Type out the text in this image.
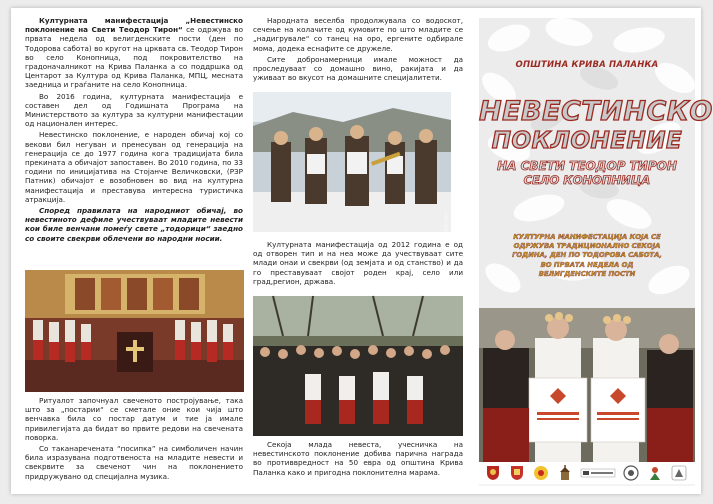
Културната манифестација „Невестинско поклонение на Свети Теодор Тирон“ се одржува во првата недела од велигденските пости (ден по Тодорова сабота) во кругот на црквата св. Теодор Тирон во село Конопница, под покровителство на градоначалникот на Крива Паланка а со поддршка од Центарот за Култура од Крива Паланка, МПЦ, месната заедница и граѓаните на село Конопница.

Во 2016 година, културната манифестација е составен дел од Годишната Програма на Министерството за култура за културни манифестации од национален интерес.

Невестинско поклонение, е народен обичај кој со векови бил негуван и пренесуван од генерација на генерација се до 1977 година кога традицијата била прекината а обичајот запоставен. Во 2010 година, по 33 години по иницијатива на Стојанче Величковски, (РЗР Патник) обичајот е возобновен во вид на културна манифестација и преставува интересна туристичка атракција.

Според правилата на народниот обичај, во невестиното дефиле учествуваат младите невести кои биле венчани помеѓу свете „тодорици“ заедно со своите свекрви облечени во народни носии.

Ритуалот започнуал свеченото постројување, така што за „постарии“ се сметале оние кои чија што венчавка била со постар датум и тие ја имале привилегијата да бидат во првите редови на свечената поворка.

Со таканаречената “посипка” на симболичен начин била изразувана подготвеноста на младите невести и свекрвите за свеченот чин на поклонението придружувано од специјална музика.

Народната веселба продолжувала со водоскот, сечење на колачите од кумовите по што младите се „надигрувале“ со танец на оро, ергените одбирале мома, додека еснафите се дружеле.

Сите добронамерници имале можност да проследуваат со домашно вино, ракијата и да уживаат во вкусот на домашните специјалитети.

photogradipalanka.com

Културната манифестација од 2012 година е од од отворен тип и на неа може да учествуваат сите млади онаи и свекрви (од земјата и од станство) и да го преставуваат својот роден крај, село или град,регион, држава.

Секоја млада невеста, учесничка на невестинското поклонение добива парична награда во противвредност на 50 евра од општина Крива Паланка како и пригодна поклонителна марама.

ОПШТИНА КРИВА ПАЛАНКА
НЕВЕСТИНСКО
ПОКЛОНЕНИЕ
НА СВЕТИ ТЕОДОР ТИРОН
СЕЛО КОНОПНИЦА
КУЛТУРНА МАНИФЕСТАЦИЈА КОЈА СЕ ОДРЖУВА ТРАДИЦИОНАЛНО СЕКОЈА ГОДИНА, ДЕН ПО ТОДОРОВА САБОТА, ВО ПРВАТА НЕДЕЛА ОД ВЕЛИГДЕНСКИТЕ ПОСТИ
